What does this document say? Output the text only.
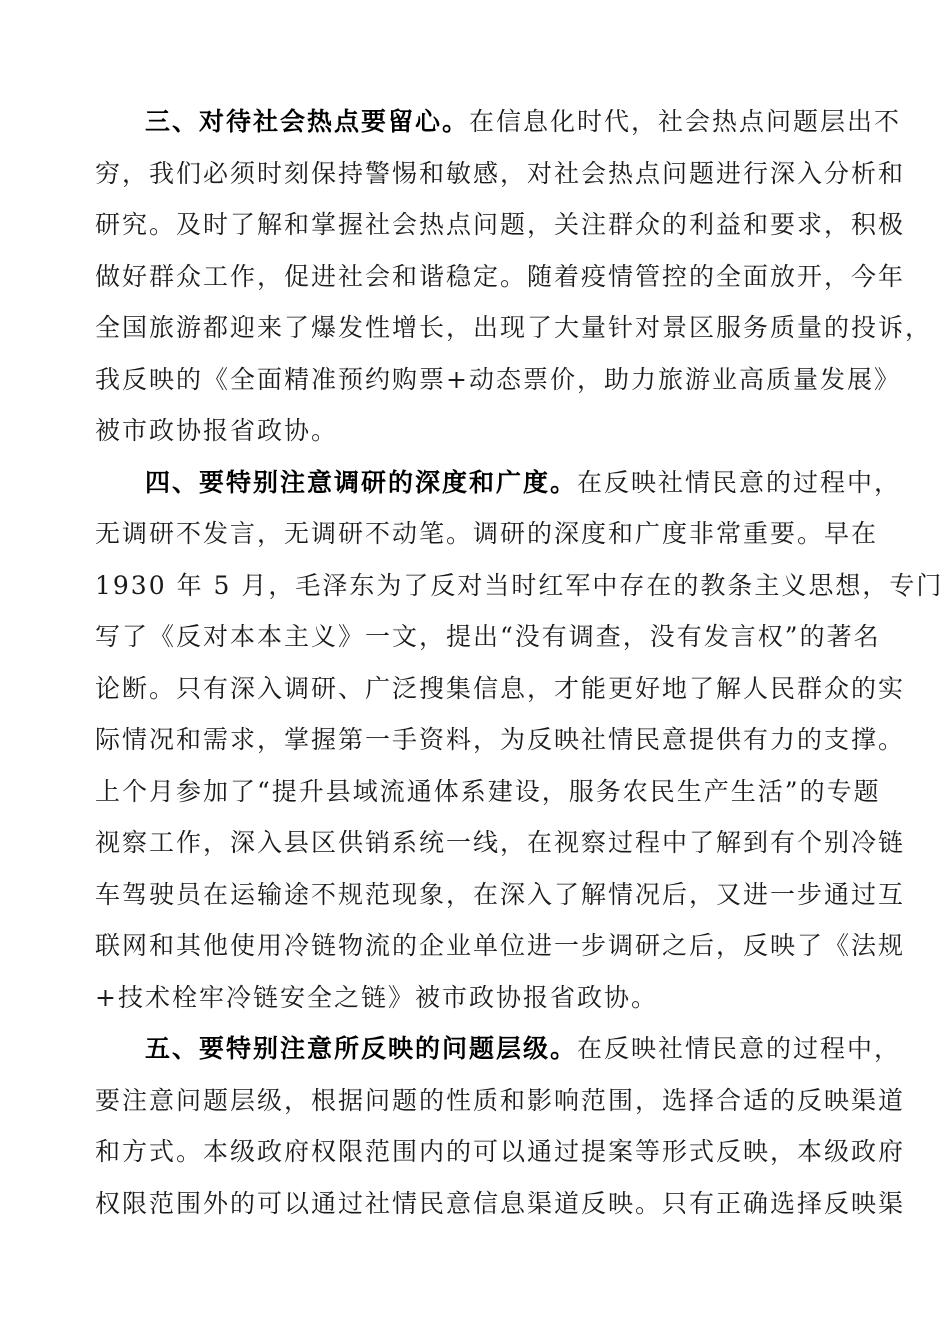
三、对待社会热点要留心。在信息化时代，社会热点问题层出不
穷，我们必须时刻保持警惕和敏感，对社会热点问题进行深入分析和
研究。及时了解和掌握社会热点问题，关注群众的利益和要求，积极
做好群众工作，促进社会和谐稳定。随着疫情管控的全面放开，今年
全国旅游都迎来了爆发性增长，出现了大量针对景区服务质量的投诉，
我反映的《全面精准预约购票+动态票价，助力旅游业高质量发展》
被市政协报省政协。

四、要特别注意调研的深度和广度。在反映社情民意的过程中，
无调研不发言，无调研不动笔。调研的深度和广度非常重要。早在
1930 年 5 月，毛泽东为了反对当时红军中存在的教条主义思想，专门
写了《反对本本主义》一文，提出“没有调查，没有发言权”的著名
论断。只有深入调研、广泛搜集信息，才能更好地了解人民群众的实
际情况和需求，掌握第一手资料，为反映社情民意提供有力的支撑。
上个月参加了“提升县域流通体系建设，服务农民生产生活”的专题
视察工作，深入县区供销系统一线，在视察过程中了解到有个别冷链
车驾驶员在运输途不规范现象，在深入了解情况后，又进一步通过互
联网和其他使用冷链物流的企业单位进一步调研之后，反映了《法规
+技术栓牢冷链安全之链》被市政协报省政协。

五、要特别注意所反映的问题层级。在反映社情民意的过程中，
要注意问题层级，根据问题的性质和影响范围，选择合适的反映渠道
和方式。本级政府权限范围内的可以通过提案等形式反映，本级政府
权限范围外的可以通过社情民意信息渠道反映。只有正确选择反映渠
